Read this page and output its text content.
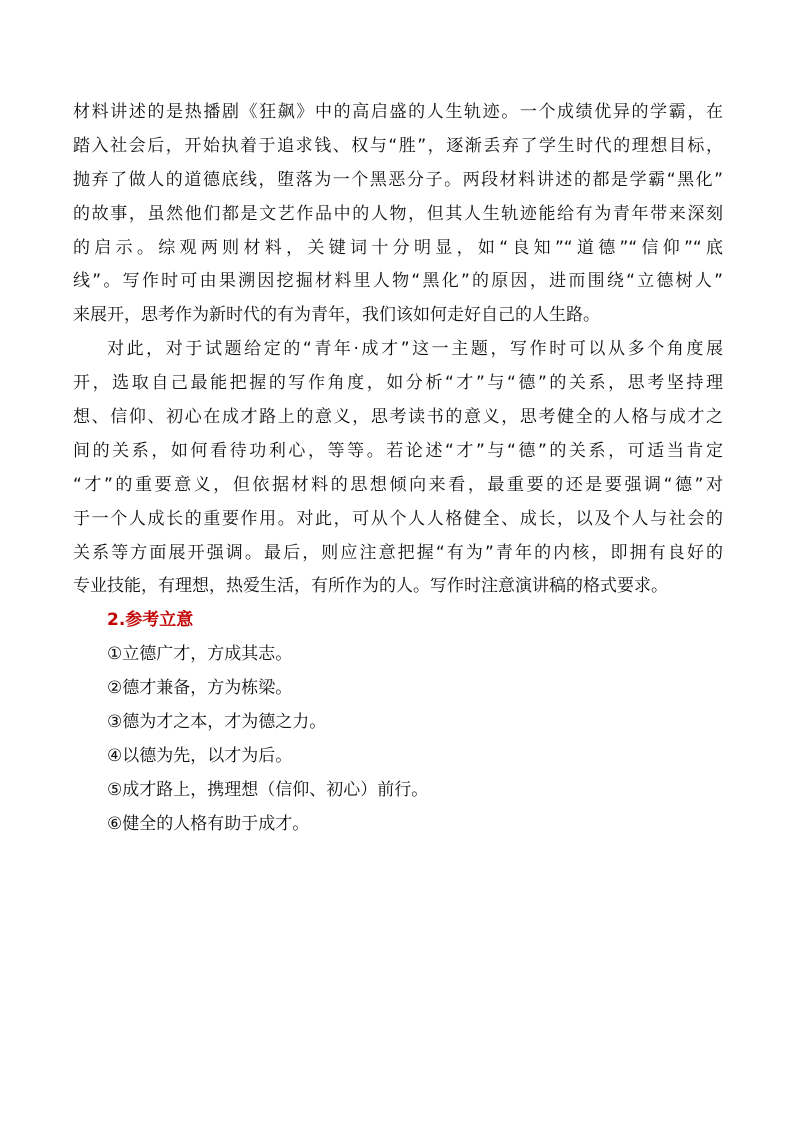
材料讲述的是热播剧《狂飙》中的高启盛的人生轨迹。一个成绩优异的学霸，在
踏入社会后，开始执着于追求钱、权与“胜”，逐渐丢弃了学生时代的理想目标，
抛弃了做人的道德底线，堕落为一个黑恶分子。两段材料讲述的都是学霸“黑化”
的故事，虽然他们都是文艺作品中的人物，但其人生轨迹能给有为青年带来深刻
的启示。综观两则材料，关键词十分明显，如“良知”“道德”“信仰”“底
线”。写作时可由果溯因挖掘材料里人物“黑化”的原因，进而围绕“立德树人”
来展开，思考作为新时代的有为青年，我们该如何走好自己的人生路。
对此，对于试题给定的“青年·成才”这一主题，写作时可以从多个角度展
开，选取自己最能把握的写作角度，如分析“才”与“德”的关系，思考坚持理
想、信仰、初心在成才路上的意义，思考读书的意义，思考健全的人格与成才之
间的关系，如何看待功利心，等等。若论述“才”与“德”的关系，可适当肯定
“才”的重要意义，但依据材料的思想倾向来看，最重要的还是要强调“德”对
于一个人成长的重要作用。对此，可从个人人格健全、成长，以及个人与社会的
关系等方面展开强调。最后，则应注意把握“有为”青年的内核，即拥有良好的
专业技能，有理想，热爱生活，有所作为的人。写作时注意演讲稿的格式要求。
2.参考立意
①立德广才，方成其志。
②德才兼备，方为栋梁。
③德为才之本，才为德之力。
④以德为先，以才为后。
⑤成才路上，携理想（信仰、初心）前行。
⑥健全的人格有助于成才。
